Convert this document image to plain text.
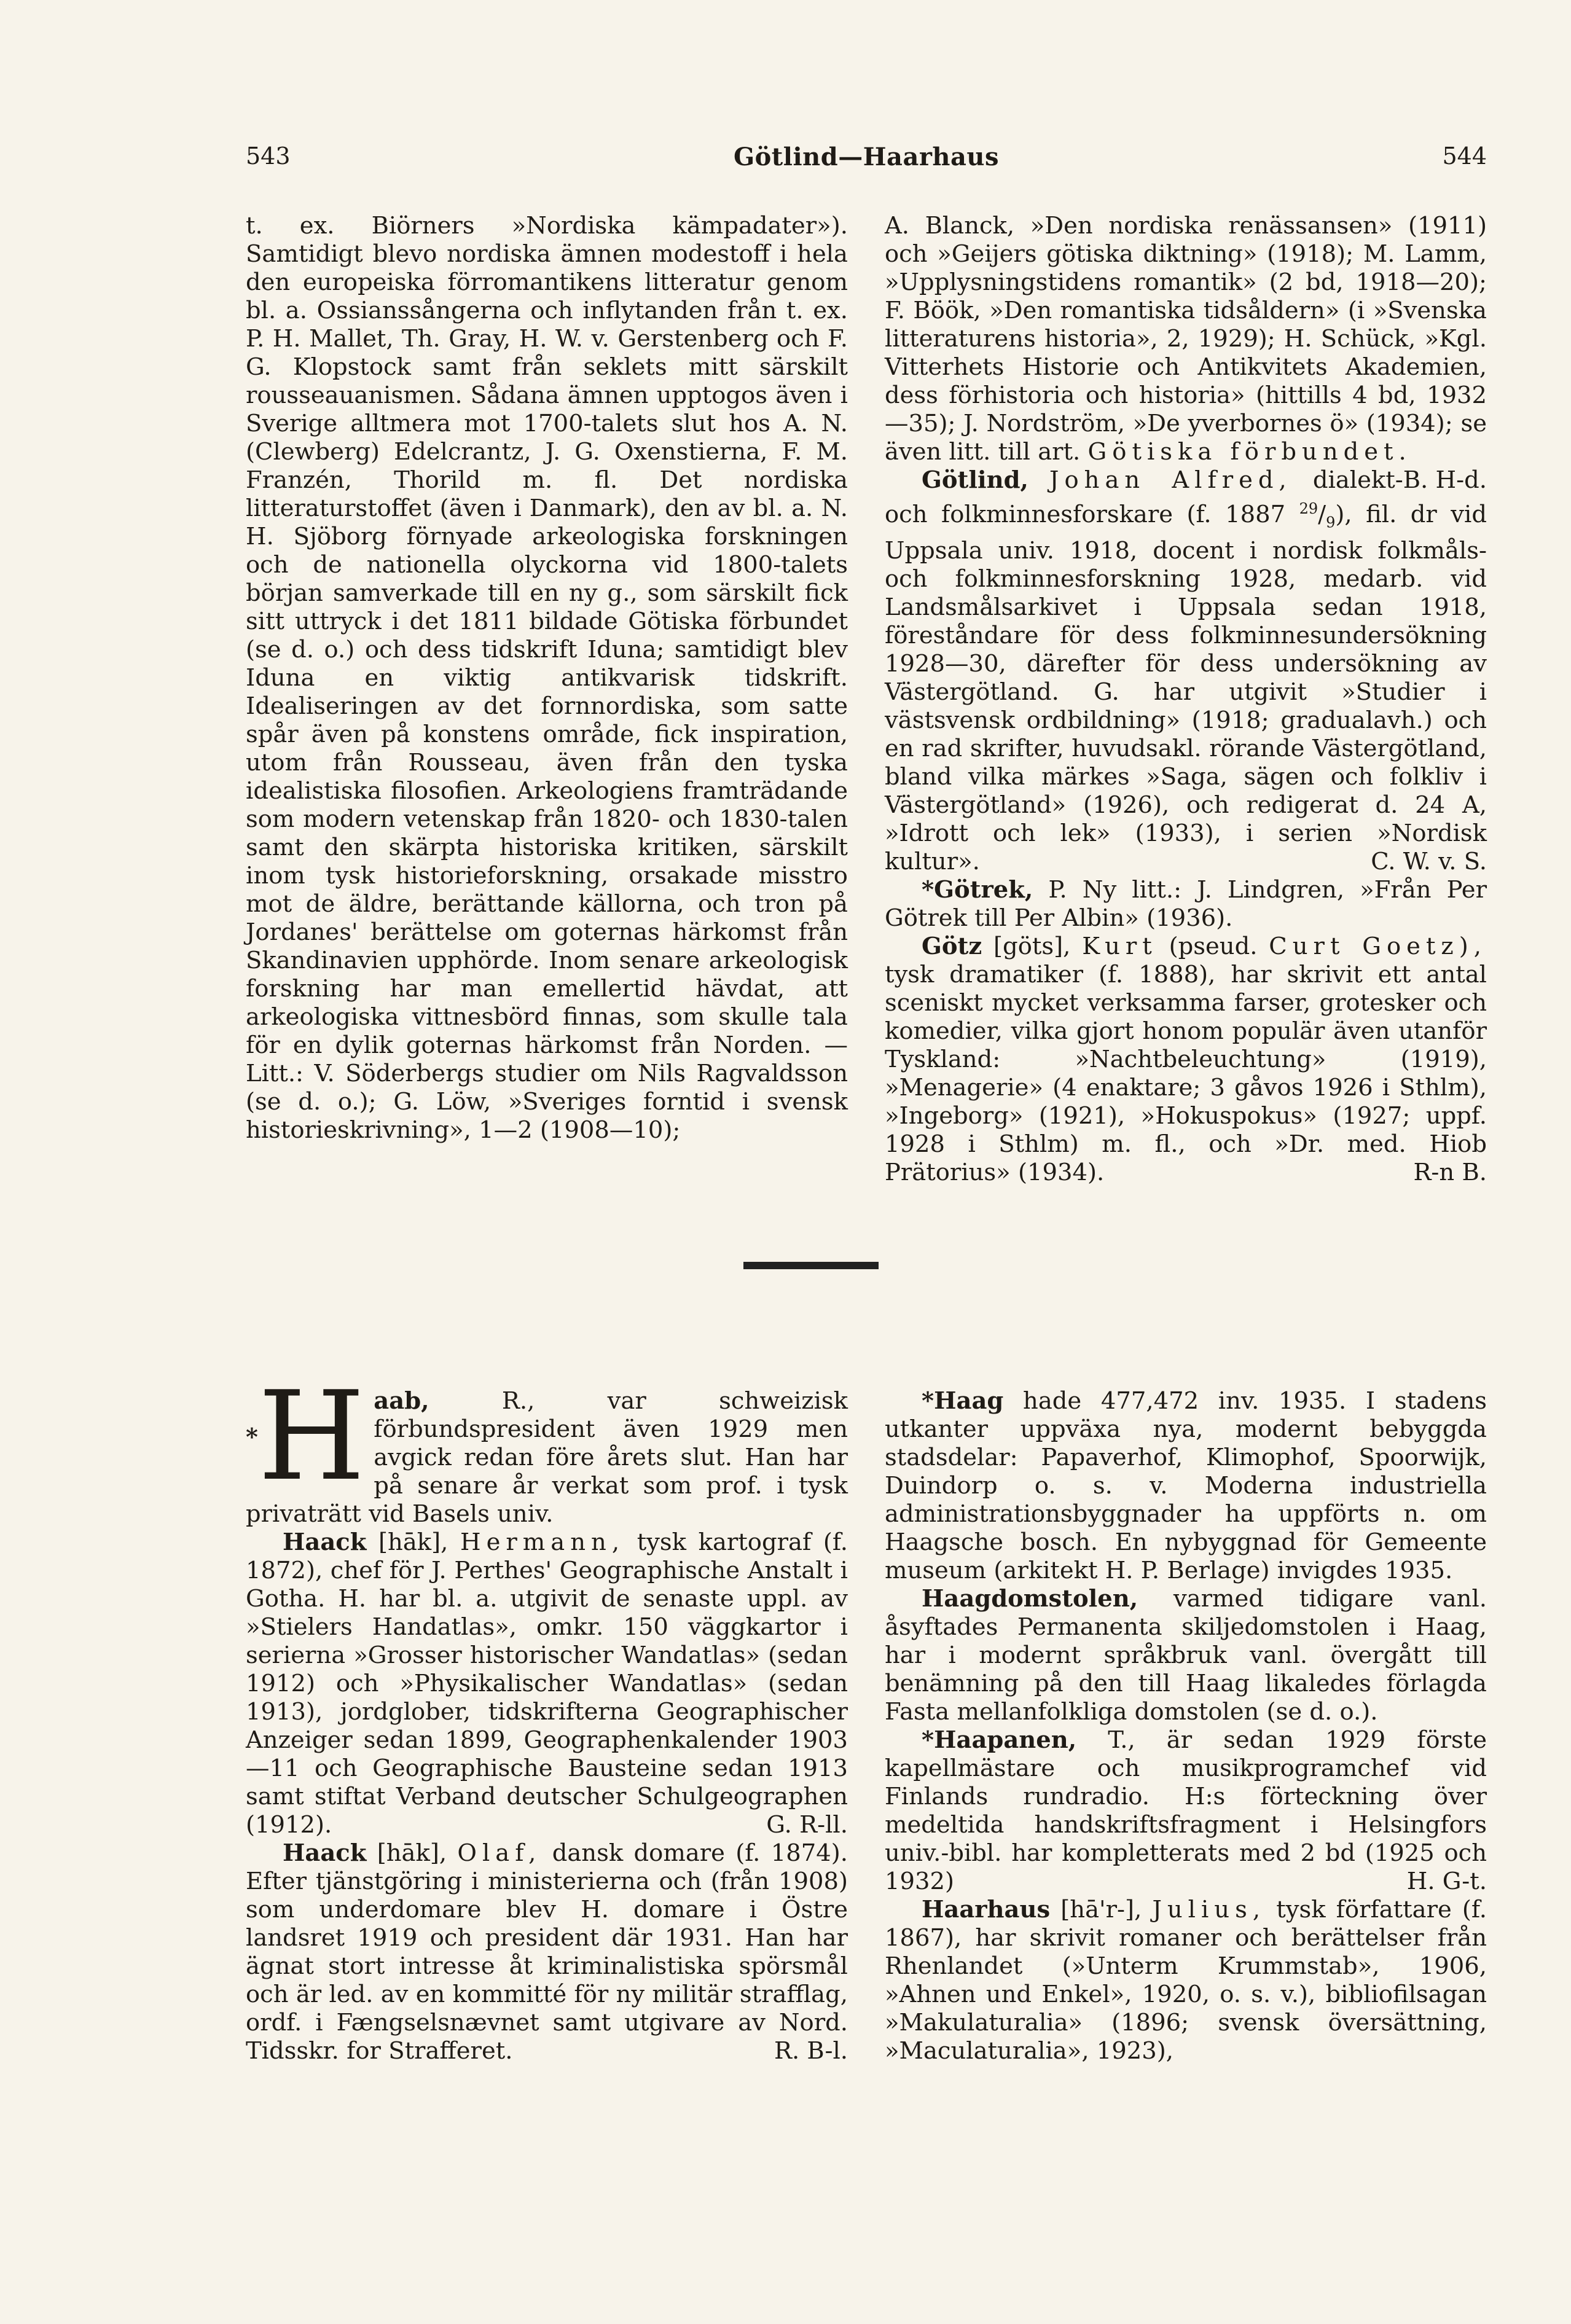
543	Götlind—Haarhaus	544

t. ex. Biörners »Nordiska kämpadater»). Samtidigt blevo nordiska ämnen modestoff i hela den europeiska förromantikens litteratur genom bl. a. Ossianssångerna och inflytanden från t. ex. P. H. Mallet, Th. Gray, H. W. v. Gerstenberg och F. G. Klopstock samt från seklets mitt särskilt rousseauanismen. Sådana ämnen upptogos även i Sverige alltmera mot 1700-talets slut hos A. N. (Clewberg) Edelcrantz, J. G. Oxenstierna, F. M. Franzén, Thorild m. fl. Det nordiska litteraturstoffet (även i Danmark), den av bl. a. N. H. Sjöborg förnyade arkeologiska forskningen och de nationella olyckorna vid 1800-talets början samverkade till en ny g., som särskilt fick sitt uttryck i det 1811 bildade Götiska förbundet (se d. o.) och dess tidskrift Iduna; samtidigt blev Iduna en viktig antikvarisk tidskrift. Idealiseringen av det fornnordiska, som satte spår även på konstens område, fick inspiration, utom från Rousseau, även från den tyska idealistiska filosofien. Arkeologiens framträdande som modern vetenskap från 1820- och 1830-talen samt den skärpta historiska kritiken, särskilt inom tysk historieforskning, orsakade misstro mot de äldre, berättande källorna, och tron på Jordanes' berättelse om goternas härkomst från Skandinavien upphörde. Inom senare arkeologisk forskning har man emellertid hävdat, att arkeologiska vittnesbörd finnas, som skulle tala för en dylik goternas härkomst från Norden. — Litt.: V. Söderbergs studier om Nils Ragvaldsson (se d. o.); G. Löw, »Sveriges forntid i svensk historieskrivning», 1—2 (1908—10);

A. Blanck, »Den nordiska renässansen» (1911) och »Geijers götiska diktning» (1918); M. Lamm, »Upplysningstidens romantik» (2 bd, 1918—20); F. Böök, »Den romantiska tidsåldern» (i »Svenska litteraturens historia», 2, 1929); H. Schück, »Kgl. Vitterhets Historie och Antikvitets Akademien, dess förhistoria och historia» (hittills 4 bd, 1932—35); J. Nordström, »De yverbornes ö» (1934); se även litt. till art. Götiska förbundet.
B. H-d.

Götlind, Johan Alfred, dialekt- och folkminnesforskare (f. 1887 $^{29}/_9$), fil. dr vid Uppsala univ. 1918, docent i nordisk folkmåls- och folkminnesforskning 1928, medarb. vid Landsmålsarkivet i Uppsala sedan 1918, föreståndare för dess folkminnesundersökning 1928—30, därefter för dess undersökning av Västergötland. G. har utgivit »Studier i västsvensk ordbildning» (1918; gradualavh.) och en rad skrifter, huvudsakl. rörande Västergötland, bland vilka märkes »Saga, sägen och folkliv i Västergötland» (1926), och redigerat d. 24 A, »Idrott och lek» (1933), i serien »Nordisk kultur».	C. W. v. S.

*Götrek, P. Ny litt.: J. Lindgren, »Från Per Götrek till Per Albin» (1936).

Götz [göts], Kurt (pseud. Curt Goetz), tysk dramatiker (f. 1888), har skrivit ett antal sceniskt mycket verksamma farser, grotesker och komedier, vilka gjort honom populär även utanför Tyskland: »Nachtbeleuchtung» (1919), »Menagerie» (4 enaktare; 3 gåvos 1926 i Sthlm), »Ingeborg» (1921), »Hokuspokus» (1927; uppf. 1928 i Sthlm) m. fl., och »Dr. med. Hiob Prätorius» (1934).	R-n B.

*H aab,	R., var schweizisk förbundspresident även 1929 men avgick redan före årets slut. Han har på senare år verkat som prof. i tysk privaträtt vid Basels univ.

Haack [hāk], Hermann, tysk kartograf (f. 1872), chef för J. Perthes' Geographische Anstalt i Gotha. H. har bl. a. utgivit de senaste uppl. av »Stielers Handatlas», omkr. 150 väggkartor i serierna »Grosser historischer Wandatlas» (sedan 1912) och »Physikalischer Wandatlas» (sedan 1913), jordglober, tidskrifterna Geographischer Anzeiger sedan 1899, Geographenkalender 1903—11 och Geographische Bausteine sedan 1913 samt stiftat Verband deutscher Schulgeographen (1912).	G. R-ll.

Haack [hāk], Olaf, dansk domare (f. 1874). Efter tjänstgöring i ministerierna och (från 1908) som underdomare blev H. domare i Östre landsret 1919 och president där 1931. Han har ägnat stort intresse åt kriminalistiska spörsmål och är led. av en kommitté för ny militär strafflag, ordf. i Fængselsnævnet samt utgivare av Nord. Tidsskr. for Strafferet.	R. B-l.

*Haag hade 477,472 inv. 1935. I stadens utkanter uppväxa nya, modernt bebyggda stadsdelar: Papaverhof, Klimophof, Spoorwijk, Duindorp o. s. v. Moderna industriella administrationsbyggnader ha uppförts n. om Haagsche bosch. En nybyggnad för Gemeente museum (arkitekt H. P. Berlage) invigdes 1935.

Haagdomstolen, varmed tidigare vanl. åsyftades Permanenta skiljedomstolen i Haag, har i modernt språkbruk vanl. övergått till benämning på den till Haag likaledes förlagda Fasta mellanfolkliga domstolen (se d. o.).

*Haapanen, T., är sedan 1929 förste kapellmästare och musikprogramchef vid Finlands rundradio. H:s förteckning över medeltida handskriftsfragment i Helsingfors univ.-bibl. har kompletterats med 2 bd (1925 och 1932)	H. G-t.

Haarhaus [hā'r-], Julius, tysk författare (f. 1867), har skrivit romaner och berättelser från Rhenlandet (»Unterm Krummstab», 1906, »Ahnen und Enkel», 1920, o. s. v.), bibliofilsagan »Makulaturalia» (1896; svensk översättning, »Maculaturalia», 1923),
